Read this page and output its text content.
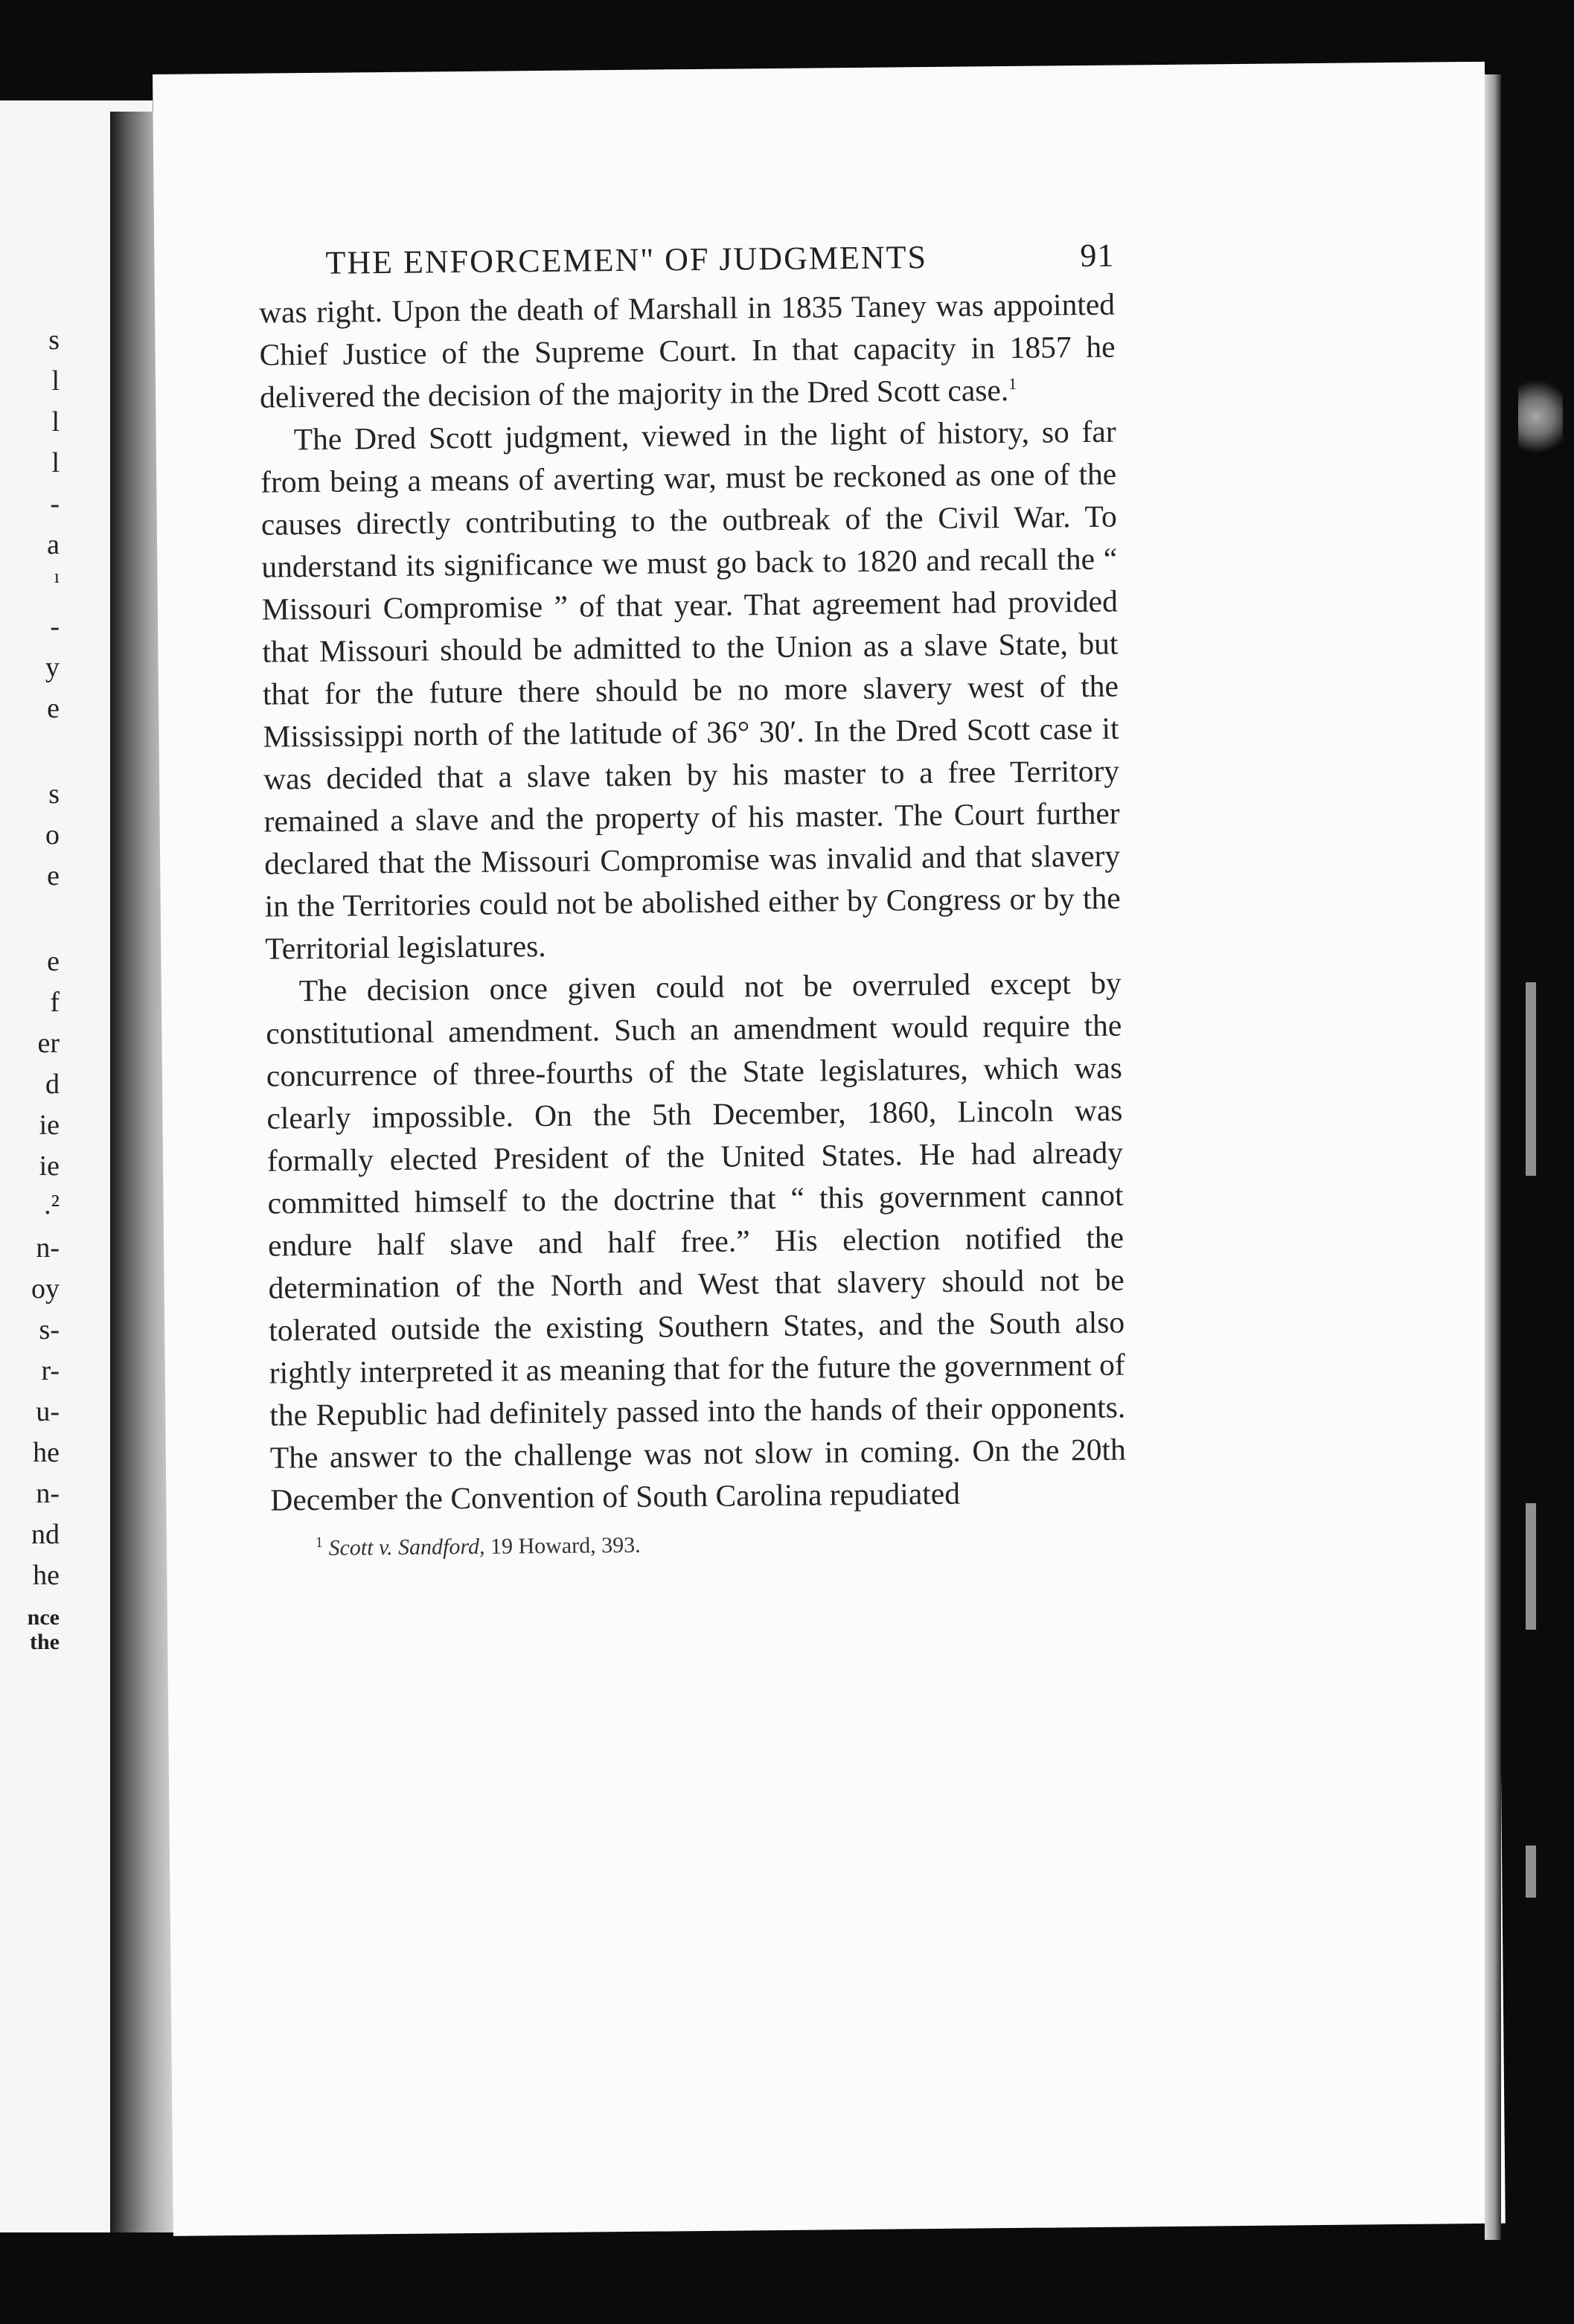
s
l
l
l
-
a
ı
-
y
e
s
o
e
e
f
er
d
ie
ie
.²
n-
oy
s-
r-
u-
he
n-
nd
he
nce
the
THE ENFORCEMEN" OF JUDGMENTS	91

was right. Upon the death of Marshall in 1835 Taney was appointed Chief Justice of the Supreme Court. In that capacity in 1857 he delivered the decision of the majority in the Dred Scott case.$^1$

The Dred Scott judgment, viewed in the light of history, so far from being a means of averting war, must be reckoned as one of the causes directly contributing to the outbreak of the Civil War. To understand its significance we must go back to 1820 and recall the “ Missouri Compromise ” of that year. That agreement had provided that Missouri should be admitted to the Union as a slave State, but that for the future there should be no more slavery west of the Mississippi north of the latitude of 36° 30′. In the Dred Scott case it was decided that a slave taken by his master to a free Territory remained a slave and the property of his master. The Court further declared that the Missouri Compromise was invalid and that slavery in the Territories could not be abolished either by Congress or by the Territorial legislatures.

The decision once given could not be overruled except by constitutional amendment. Such an amendment would require the concurrence of three-fourths of the State legislatures, which was clearly impossible. On the 5th December, 1860, Lincoln was formally elected President of the United States. He had already committed himself to the doctrine that “ this government cannot endure half slave and half free.” His election notified the determination of the North and West that slavery should not be tolerated outside the existing Southern States, and the South also rightly interpreted it as meaning that for the future the government of the Republic had definitely passed into the hands of their opponents. The answer to the challenge was not slow in coming. On the 20th December the Convention of South Carolina repudiated

$^1$ Scott v. Sandford, 19 Howard, 393.
